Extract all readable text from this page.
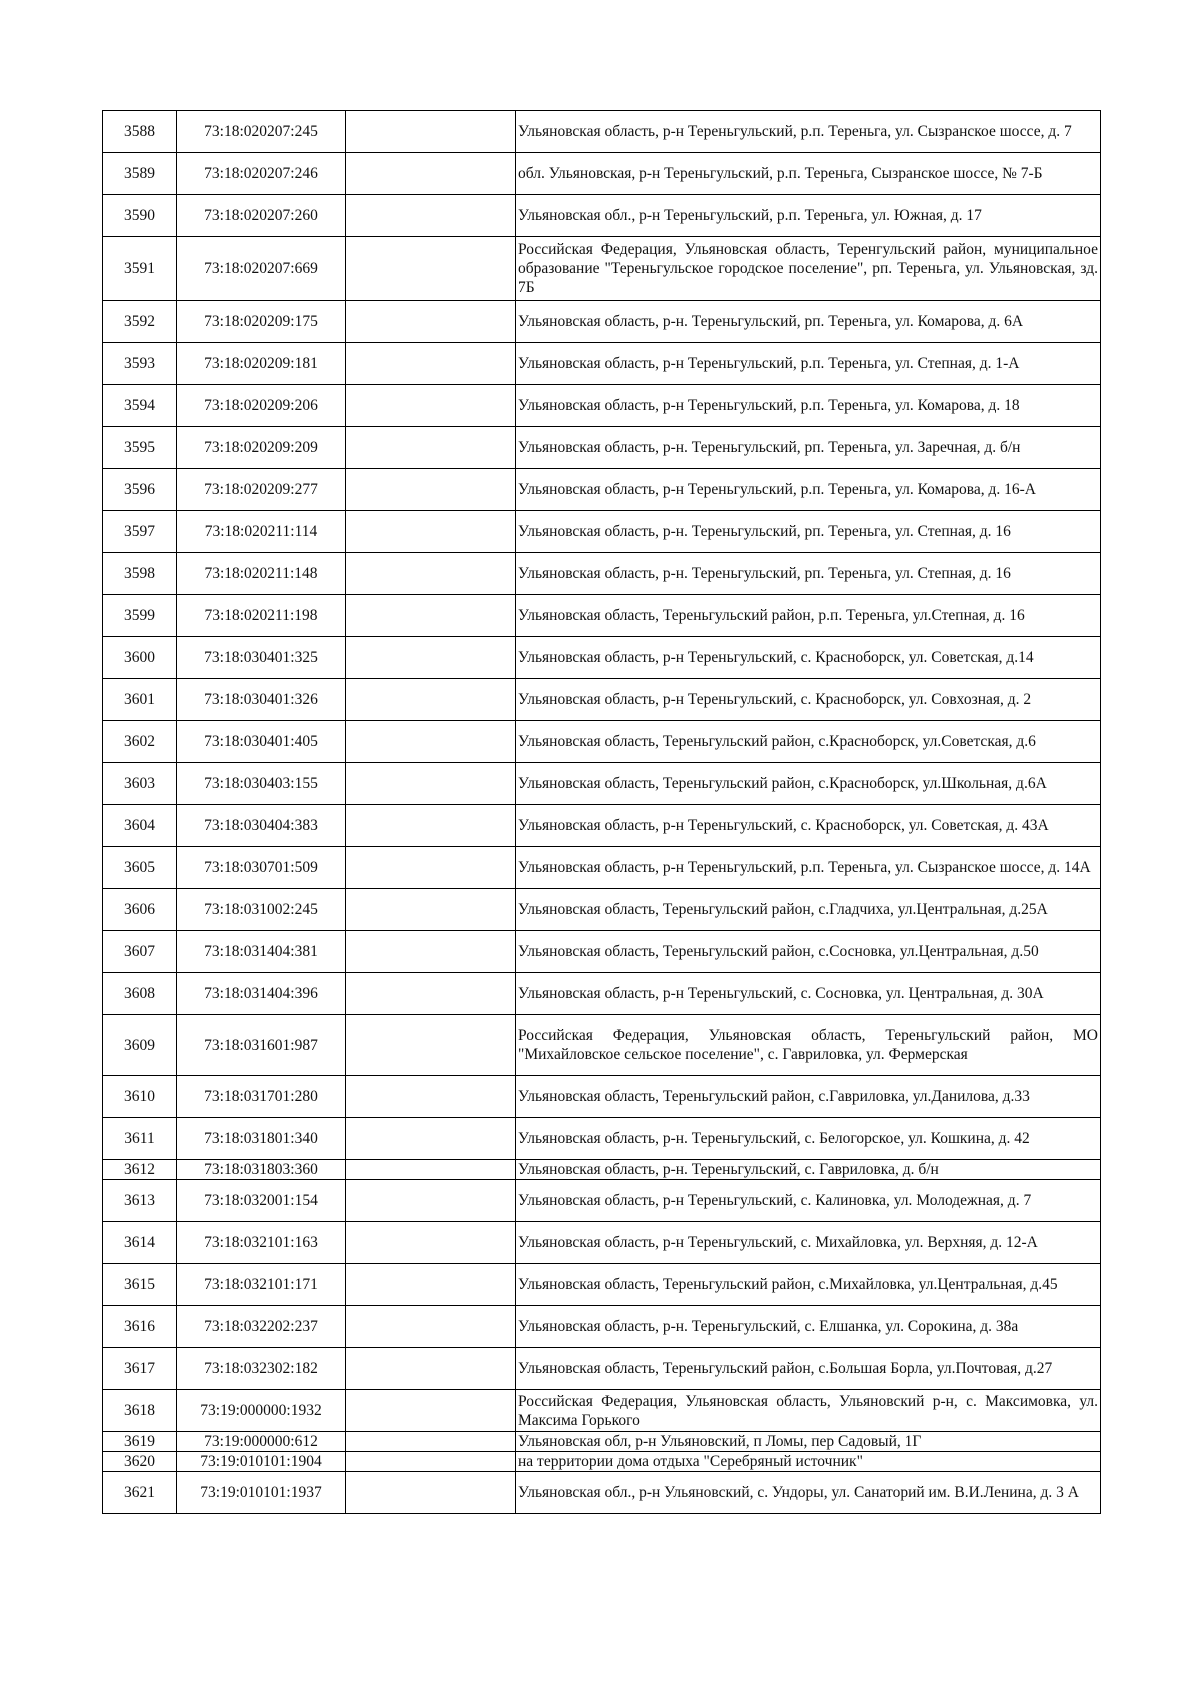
3588	73:18:020207:245		Ульяновская область, р-н Тереньгульский, р.п. Тереньга, ул. Сызранское шоссе, д. 7
3589	73:18:020207:246		обл. Ульяновская, р-н Тереньгульский, р.п. Тереньга, Сызранское шоссе, № 7-Б
3590	73:18:020207:260		Ульяновская обл., р-н Тереньгульский, р.п. Тереньга, ул. Южная, д. 17
3591	73:18:020207:669		Российская Федерация, Ульяновская область, Теренгульский район, муниципальное образование "Тереньгульское городское поселение", рп. Тереньга, ул. Ульяновская, зд. 7Б
3592	73:18:020209:175		Ульяновская область, р-н. Тереньгульский, рп. Тереньга, ул. Комарова, д. 6А
3593	73:18:020209:181		Ульяновская область, р-н Тереньгульский, р.п. Тереньга, ул. Степная, д. 1-А
3594	73:18:020209:206		Ульяновская область, р-н Тереньгульский, р.п. Тереньга, ул. Комарова, д. 18
3595	73:18:020209:209		Ульяновская область, р-н. Тереньгульский, рп. Тереньга, ул. Заречная, д. б/н
3596	73:18:020209:277		Ульяновская область, р-н Тереньгульский, р.п. Тереньга, ул. Комарова, д. 16-А
3597	73:18:020211:114		Ульяновская область, р-н. Тереньгульский, рп. Тереньга, ул. Степная, д. 16
3598	73:18:020211:148		Ульяновская область, р-н. Тереньгульский, рп. Тереньга, ул. Степная, д. 16
3599	73:18:020211:198		Ульяновская область, Тереньгульский район, р.п. Тереньга, ул.Степная, д. 16
3600	73:18:030401:325		Ульяновская область, р-н Тереньгульский, с. Красноборск, ул. Советская, д.14
3601	73:18:030401:326		Ульяновская область, р-н Тереньгульский, с. Красноборск, ул. Совхозная, д. 2
3602	73:18:030401:405		Ульяновская область, Тереньгульский район, с.Красноборск, ул.Советская, д.6
3603	73:18:030403:155		Ульяновская область, Тереньгульский район, с.Красноборск, ул.Школьная, д.6А
3604	73:18:030404:383		Ульяновская область, р-н Тереньгульский, с. Красноборск, ул. Советская, д. 43А
3605	73:18:030701:509		Ульяновская область, р-н Тереньгульский, р.п. Тереньга, ул. Сызранское шоссе, д. 14А
3606	73:18:031002:245		Ульяновская область, Тереньгульский район, с.Гладчиха, ул.Центральная, д.25А
3607	73:18:031404:381		Ульяновская область, Тереньгульский район, с.Сосновка, ул.Центральная, д.50
3608	73:18:031404:396		Ульяновская область, р-н Тереньгульский, с. Сосновка, ул. Центральная, д. 30А
3609	73:18:031601:987		Российская Федерация, Ульяновская область, Тереньгульский район, МО "Михайловское сельское поселение", с. Гавриловка, ул. Фермерская
3610	73:18:031701:280		Ульяновская область, Тереньгульский район, с.Гавриловка, ул.Данилова, д.33
3611	73:18:031801:340		Ульяновская область, р-н. Тереньгульский, с. Белогорское, ул. Кошкина, д. 42
3612	73:18:031803:360		Ульяновская область, р-н. Тереньгульский, с. Гавриловка, д. б/н
3613	73:18:032001:154		Ульяновская область, р-н Тереньгульский, с. Калиновка, ул. Молодежная, д. 7
3614	73:18:032101:163		Ульяновская область, р-н Тереньгульский, с. Михайловка, ул. Верхняя, д. 12-А
3615	73:18:032101:171		Ульяновская область, Тереньгульский район, с.Михайловка, ул.Центральная, д.45
3616	73:18:032202:237		Ульяновская область, р-н. Тереньгульский, с. Елшанка, ул. Сорокина, д. 38а
3617	73:18:032302:182		Ульяновская область, Тереньгульский район, с.Большая Борла, ул.Почтовая, д.27
3618	73:19:000000:1932		Российская Федерация, Ульяновская область, Ульяновский р-н, с. Максимовка, ул. Максима Горького
3619	73:19:000000:612		Ульяновская обл, р-н Ульяновский, п Ломы, пер Садовый, 1Г
3620	73:19:010101:1904		на территории дома отдыха "Серебряный источник"
3621	73:19:010101:1937		Ульяновская обл., р-н Ульяновский, с. Ундоры, ул. Санаторий им. В.И.Ленина, д. 3 А
